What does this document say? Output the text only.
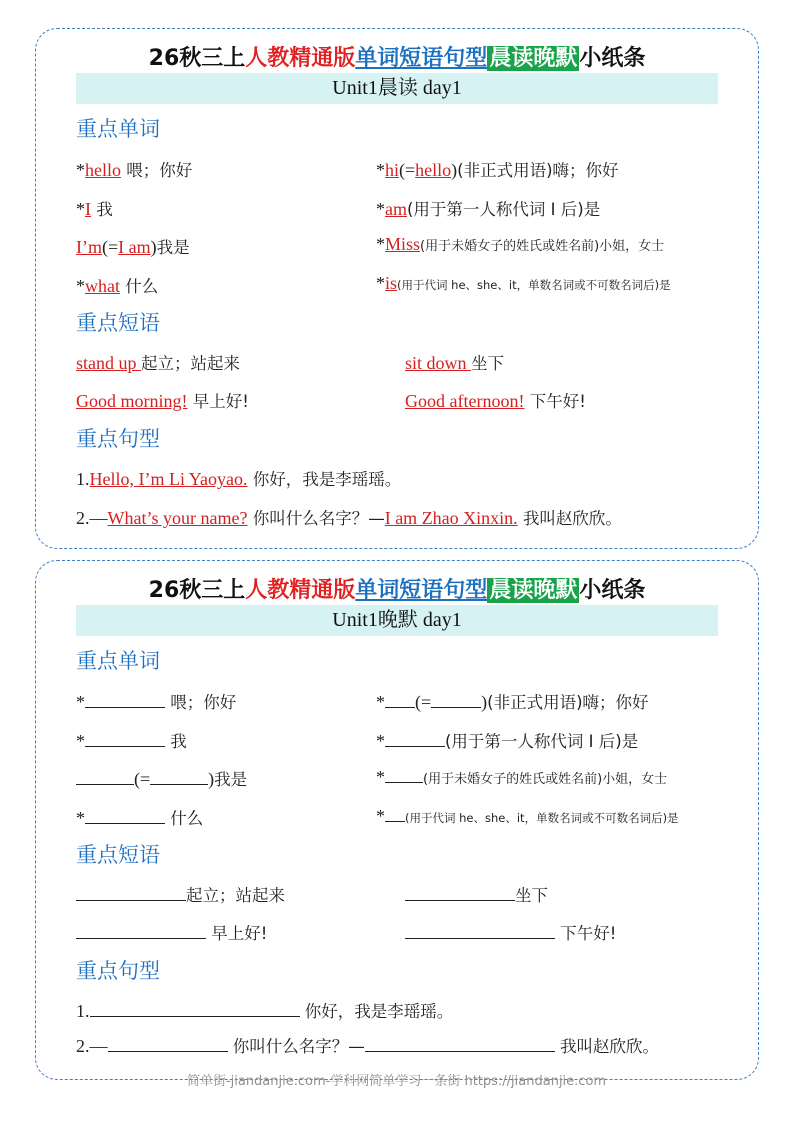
26秋三上人教精通版单词短语句型晨读晚默小纸条
Unit1晨读 day1
重点单词
*hello 喂；你好	*hi(=hello)(非正式用语)嗨；你好
*I 我	*am(用于第一人称代词 I 后)是
I’m(=I am)我是	*Miss(用于未婚女子的姓氏或姓名前)小姐，女士
*what 什么	*is(用于代词 he、she、it，单数名词或不可数名词后)是
重点短语
stand up 起立；站起来	sit down 坐下
Good morning! 早上好!	Good afternoon! 下午好!
重点句型
1.Hello, I’m Li Yaoyao. 你好，我是李瑶瑶。
2.—What’s your name? 你叫什么名字？—I am Zhao Xinxin. 我叫赵欣欣。
26秋三上人教精通版单词短语句型晨读晚默小纸条
Unit1晚默 day1
重点单词
*	喂；你好	* (=	)(非正式用语)嗨；你好
*	我	*	(用于第一人称代词 I 后)是
(=	)我是	*	(用于未婚女子的姓氏或姓名前)小姐，女士
*	什么	* (用于代词 he、she、it，单数名词或不可数名词后)是
重点短语
起立；站起来	坐下
早上好!	下午好!
重点句型
1.	你好，我是李瑶瑶。
2.—	你叫什么名字？—	我叫赵欣欣。
简单街-jiandanjie.com-学科网简单学习一条街 https://jiandanjie.com
